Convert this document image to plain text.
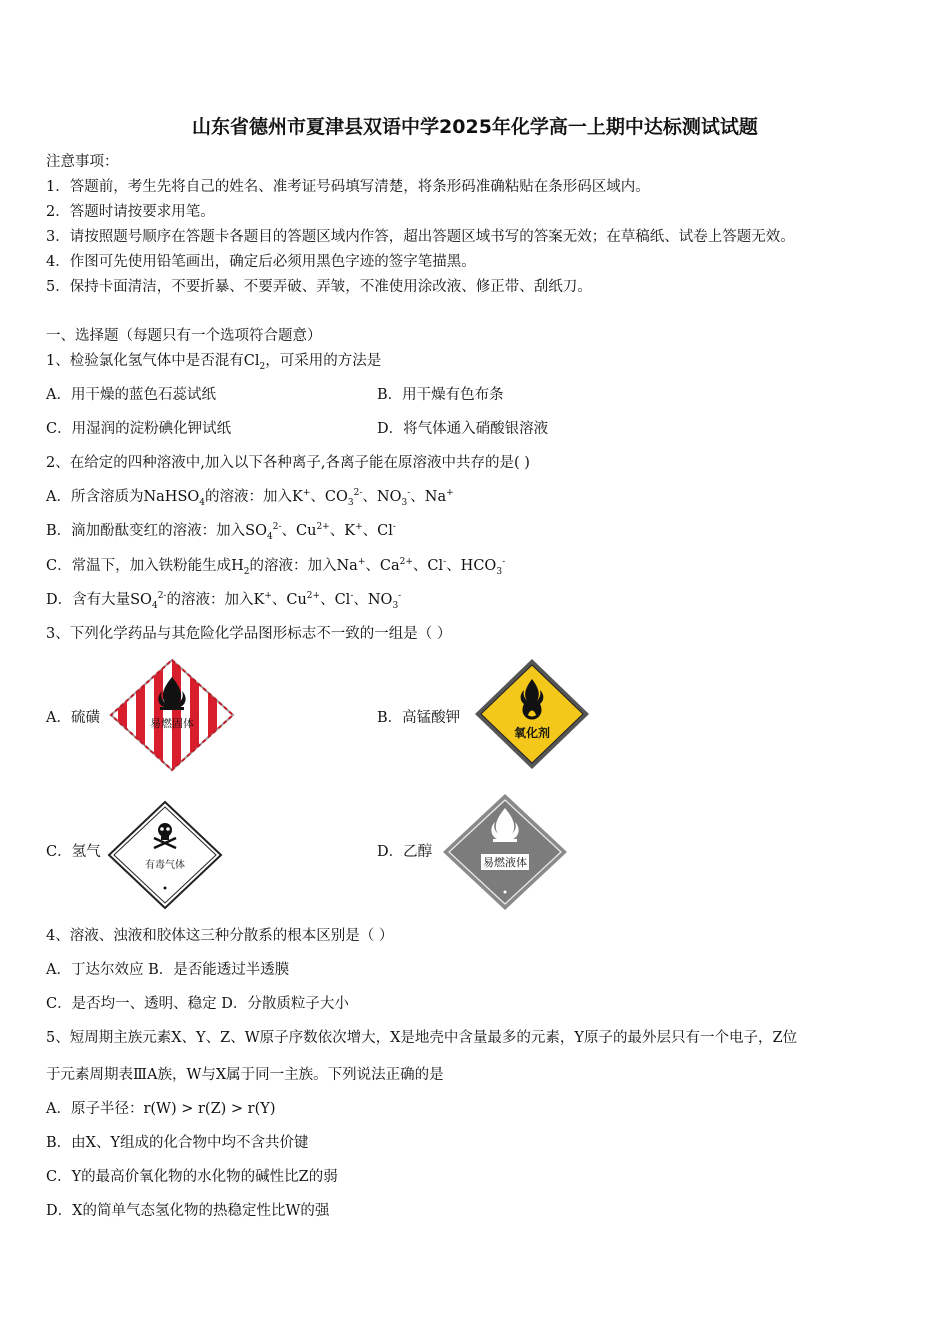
山东省德州市夏津县双语中学2025年化学高一上期中达标测试试题
注意事项：
1．答题前，考生先将自己的姓名、准考证号码填写清楚，将条形码准确粘贴在条形码区域内。
2．答题时请按要求用笔。
3．请按照题号顺序在答题卡各题目的答题区域内作答，超出答题区域书写的答案无效；在草稿纸、试卷上答题无效。
4．作图可先使用铅笔画出，确定后必须用黑色字迹的签字笔描黑。
5．保持卡面清洁，不要折暴、不要弄破、弄皱，不准使用涂改液、修正带、刮纸刀。
一、选择题（每题只有一个选项符合题意）
1、检验氯化氢气体中是否混有$Cl_2$，可采用的方法是
A．用干燥的蓝色石蕊试纸	B．用干燥有色布条
C．用湿润的淀粉碘化钾试纸	D．将气体通入硝酸银溶液
2、在给定的四种溶液中,加入以下各种离子,各离子能在原溶液中共存的是( )
A．所含溶质为NaHSO$_4$的溶液：加入K+、$CO_3^{2-}$、$NO_3^-$、Na+
B．滴加酚酞变红的溶液：加入$SO_4^{2-}$、$Cu^{2+}$、K+、Cl-
C．常温下，加入铁粉能生成$H_2$的溶液：加入Na+、$Ca^{2+}$、Cl-、$HCO_3^-$
D．含有大量$SO_4^{2-}$的溶液：加入K+、$Cu^{2+}$、Cl-、$NO_3^-$
3、下列化学药品与其危险化学品图形标志不一致的一组是（ ）
A．硫磺	易燃固体	B．高锰酸钾
氧化剂
C．氢气
有毒气体
D．乙醇
易燃液体
4、溶液、浊液和胶体这三种分散系的根本区别是（ ）
A．丁达尔效应 B．是否能透过半透膜
C．是否均一、透明、稳定 D．分散质粒子大小
5、短周期主族元素X、Y、Z、W原子序数依次增大，X是地壳中含量最多的元素，Y原子的最外层只有一个电子，Z位
于元素周期表ⅢA族，W与X属于同一主族。下列说法正确的是
A．原子半径：r(W) > r(Z) > r(Y)
B．由X、Y组成的化合物中均不含共价键
C．Y的最高价氧化物的水化物的碱性比Z的弱
D．X的简单气态氢化物的热稳定性比W的强
